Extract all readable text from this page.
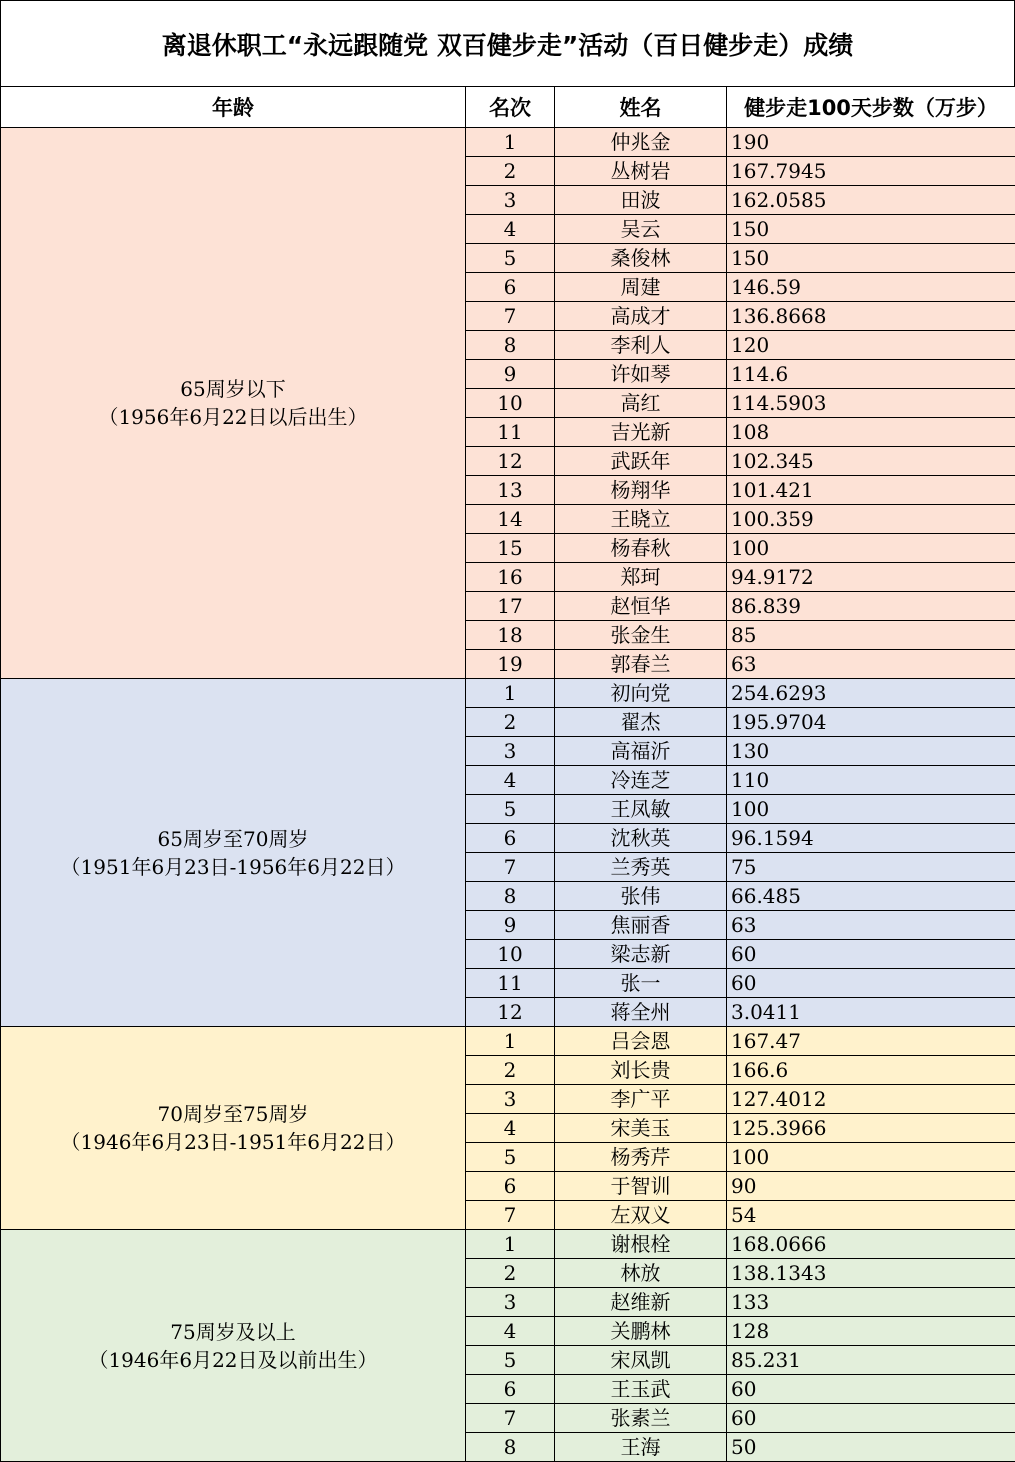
离退休职工“永远跟随党 双百健步走”活动（百日健步走）成绩
年龄	名次	姓名	健步走100天步数（万步）

65周岁以下
（1956年6月22日以后出生）	1	仲兆金	190
	2	丛树岩	167.7945
	3	田波	162.0585
	4	吴云	150
	5	桑俊林	150
	6	周建	146.59
	7	高成才	136.8668
	8	李利人	120
	9	许如琴	114.6
	10	高红	114.5903
	11	吉光新	108
	12	武跃年	102.345
	13	杨翔华	101.421
	14	王晓立	100.359
	15	杨春秋	100
	16	郑珂	94.9172
	17	赵恒华	86.839
	18	张金生	85
	19	郭春兰	63

65周岁至70周岁
（1951年6月23日-1956年6月22日）	1	初向党	254.6293
	2	翟杰	195.9704
	3	高福沂	130
	4	冷连芝	110
	5	王凤敏	100
	6	沈秋英	96.1594
	7	兰秀英	75
	8	张伟	66.485
	9	焦丽香	63
	10	梁志新	60
	11	张一	60
	12	蒋全州	3.0411

70周岁至75周岁
（1946年6月23日-1951年6月22日）	1	吕会恩	167.47
	2	刘长贵	166.6
	3	李广平	127.4012
	4	宋美玉	125.3966
	5	杨秀芹	100
	6	于智训	90
	7	左双义	54

75周岁及以上
（1946年6月22日及以前出生）	1	谢根栓	168.0666
	2	林放	138.1343
	3	赵维新	133
	4	关鹏林	128
	5	宋凤凯	85.231
	6	王玉武	60
	7	张素兰	60
	8	王海	50
